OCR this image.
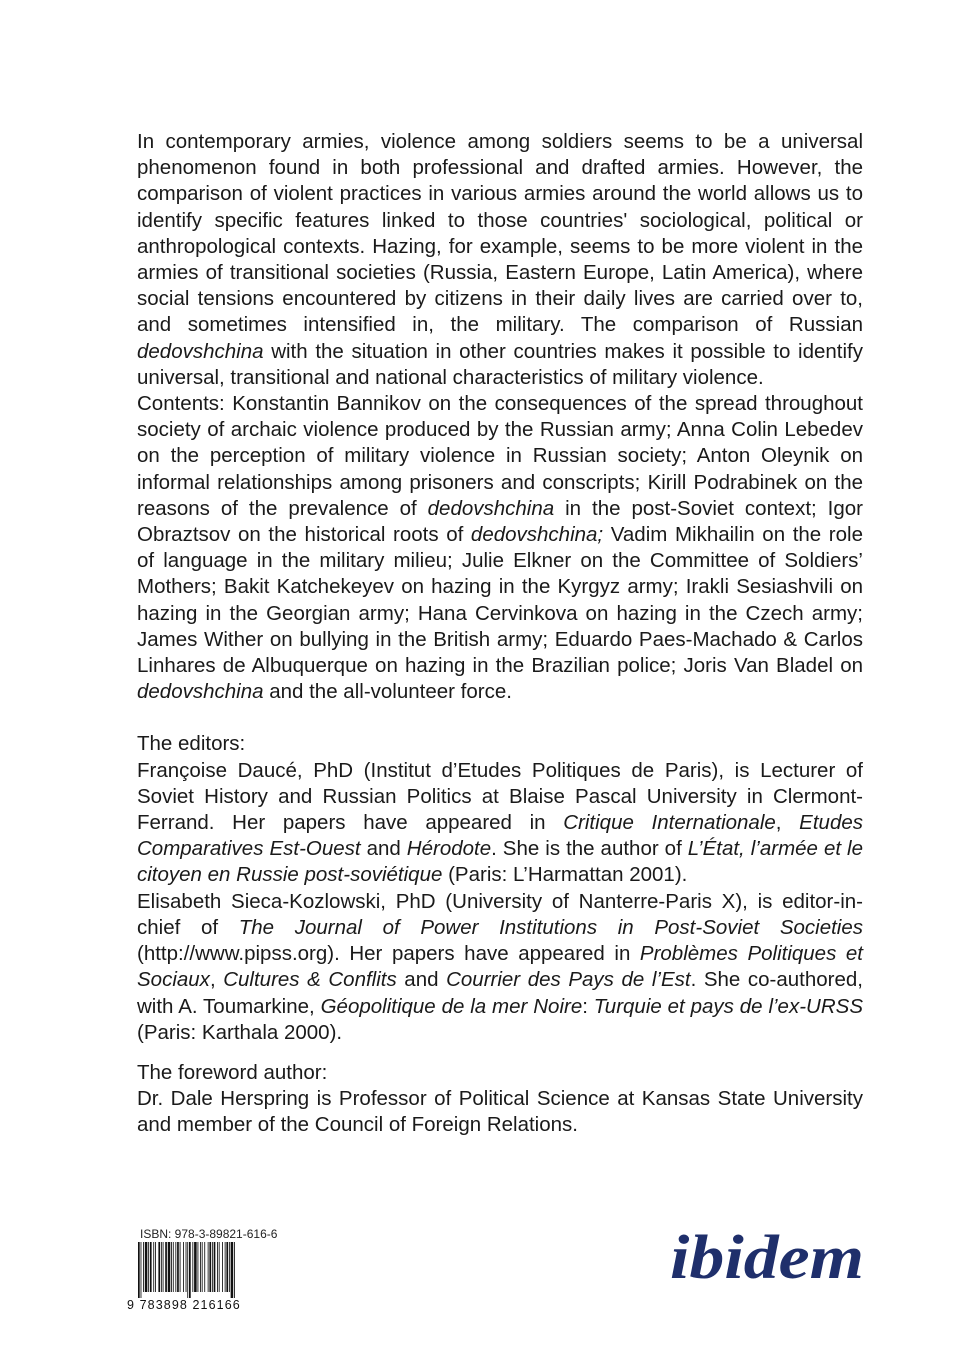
In contemporary armies, violence among soldiers seems to be a universal phenomenon found in both professional and drafted armies. However, the comparison of violent practices in various armies around the world allows us to identify specific features linked to those countries' sociological, political or anthropological contexts. Hazing, for example, seems to be more violent in the armies of transitional societies (Russia, Eastern Europe, Latin America), where social tensions encountered by citizens in their daily lives are carried over to, and sometimes intensified in, the military. The comparison of Russian dedovshchina with the situation in other countries makes it possible to identify universal, transitional and national characteristics of military violence.

Contents: Konstantin Bannikov on the consequences of the spread throughout society of archaic violence produced by the Russian army; Anna Colin Lebedev on the perception of military violence in Russian society; Anton Oleynik on informal relationships among prisoners and conscripts; Kirill Podrabinek on the reasons of the prevalence of dedovshchina in the post-Soviet context; Igor Obraztsov on the historical roots of dedovshchina; Vadim Mikhailin on the role of language in the military milieu; Julie Elkner on the Committee of Soldiers’ Mothers; Bakit Katchekeyev on hazing in the Kyrgyz army; Irakli Sesiashvili on hazing in the Georgian army; Hana Cervinkova on hazing in the Czech army; James Wither on bullying in the British army; Eduardo Paes-Machado & Carlos Linhares de Albuquerque on hazing in the Brazilian police; Joris Van Bladel on dedovshchina and the all-volunteer force.

The editors:

Françoise Daucé, PhD (Institut d’Etudes Politiques de Paris), is Lecturer of Soviet History and Russian Politics at Blaise Pascal University in Clermont-Ferrand. Her papers have appeared in Critique Internationale, Etudes Comparatives Est-Ouest and Hérodote. She is the author of L’État, l’armée et le citoyen en Russie post-soviétique (Paris: L’Harmattan 2001).

Elisabeth Sieca-Kozlowski, PhD (University of Nanterre-Paris X), is editor-in-chief of The Journal of Power Institutions in Post-Soviet Societies (http://www.pipss.org). Her papers have appeared in Problèmes Politiques et Sociaux, Cultures & Conflits and Courrier des Pays de l’Est. She co-authored, with A. Toumarkine, Géopolitique de la mer Noire: Turquie et pays de l’ex-URSS (Paris: Karthala 2000).

The foreword author:

Dr. Dale Herspring is Professor of Political Science at Kansas State University and member of the Council of Foreign Relations.

ISBN: 978-3-89821-616-6
9 783898 216166
ibidem
